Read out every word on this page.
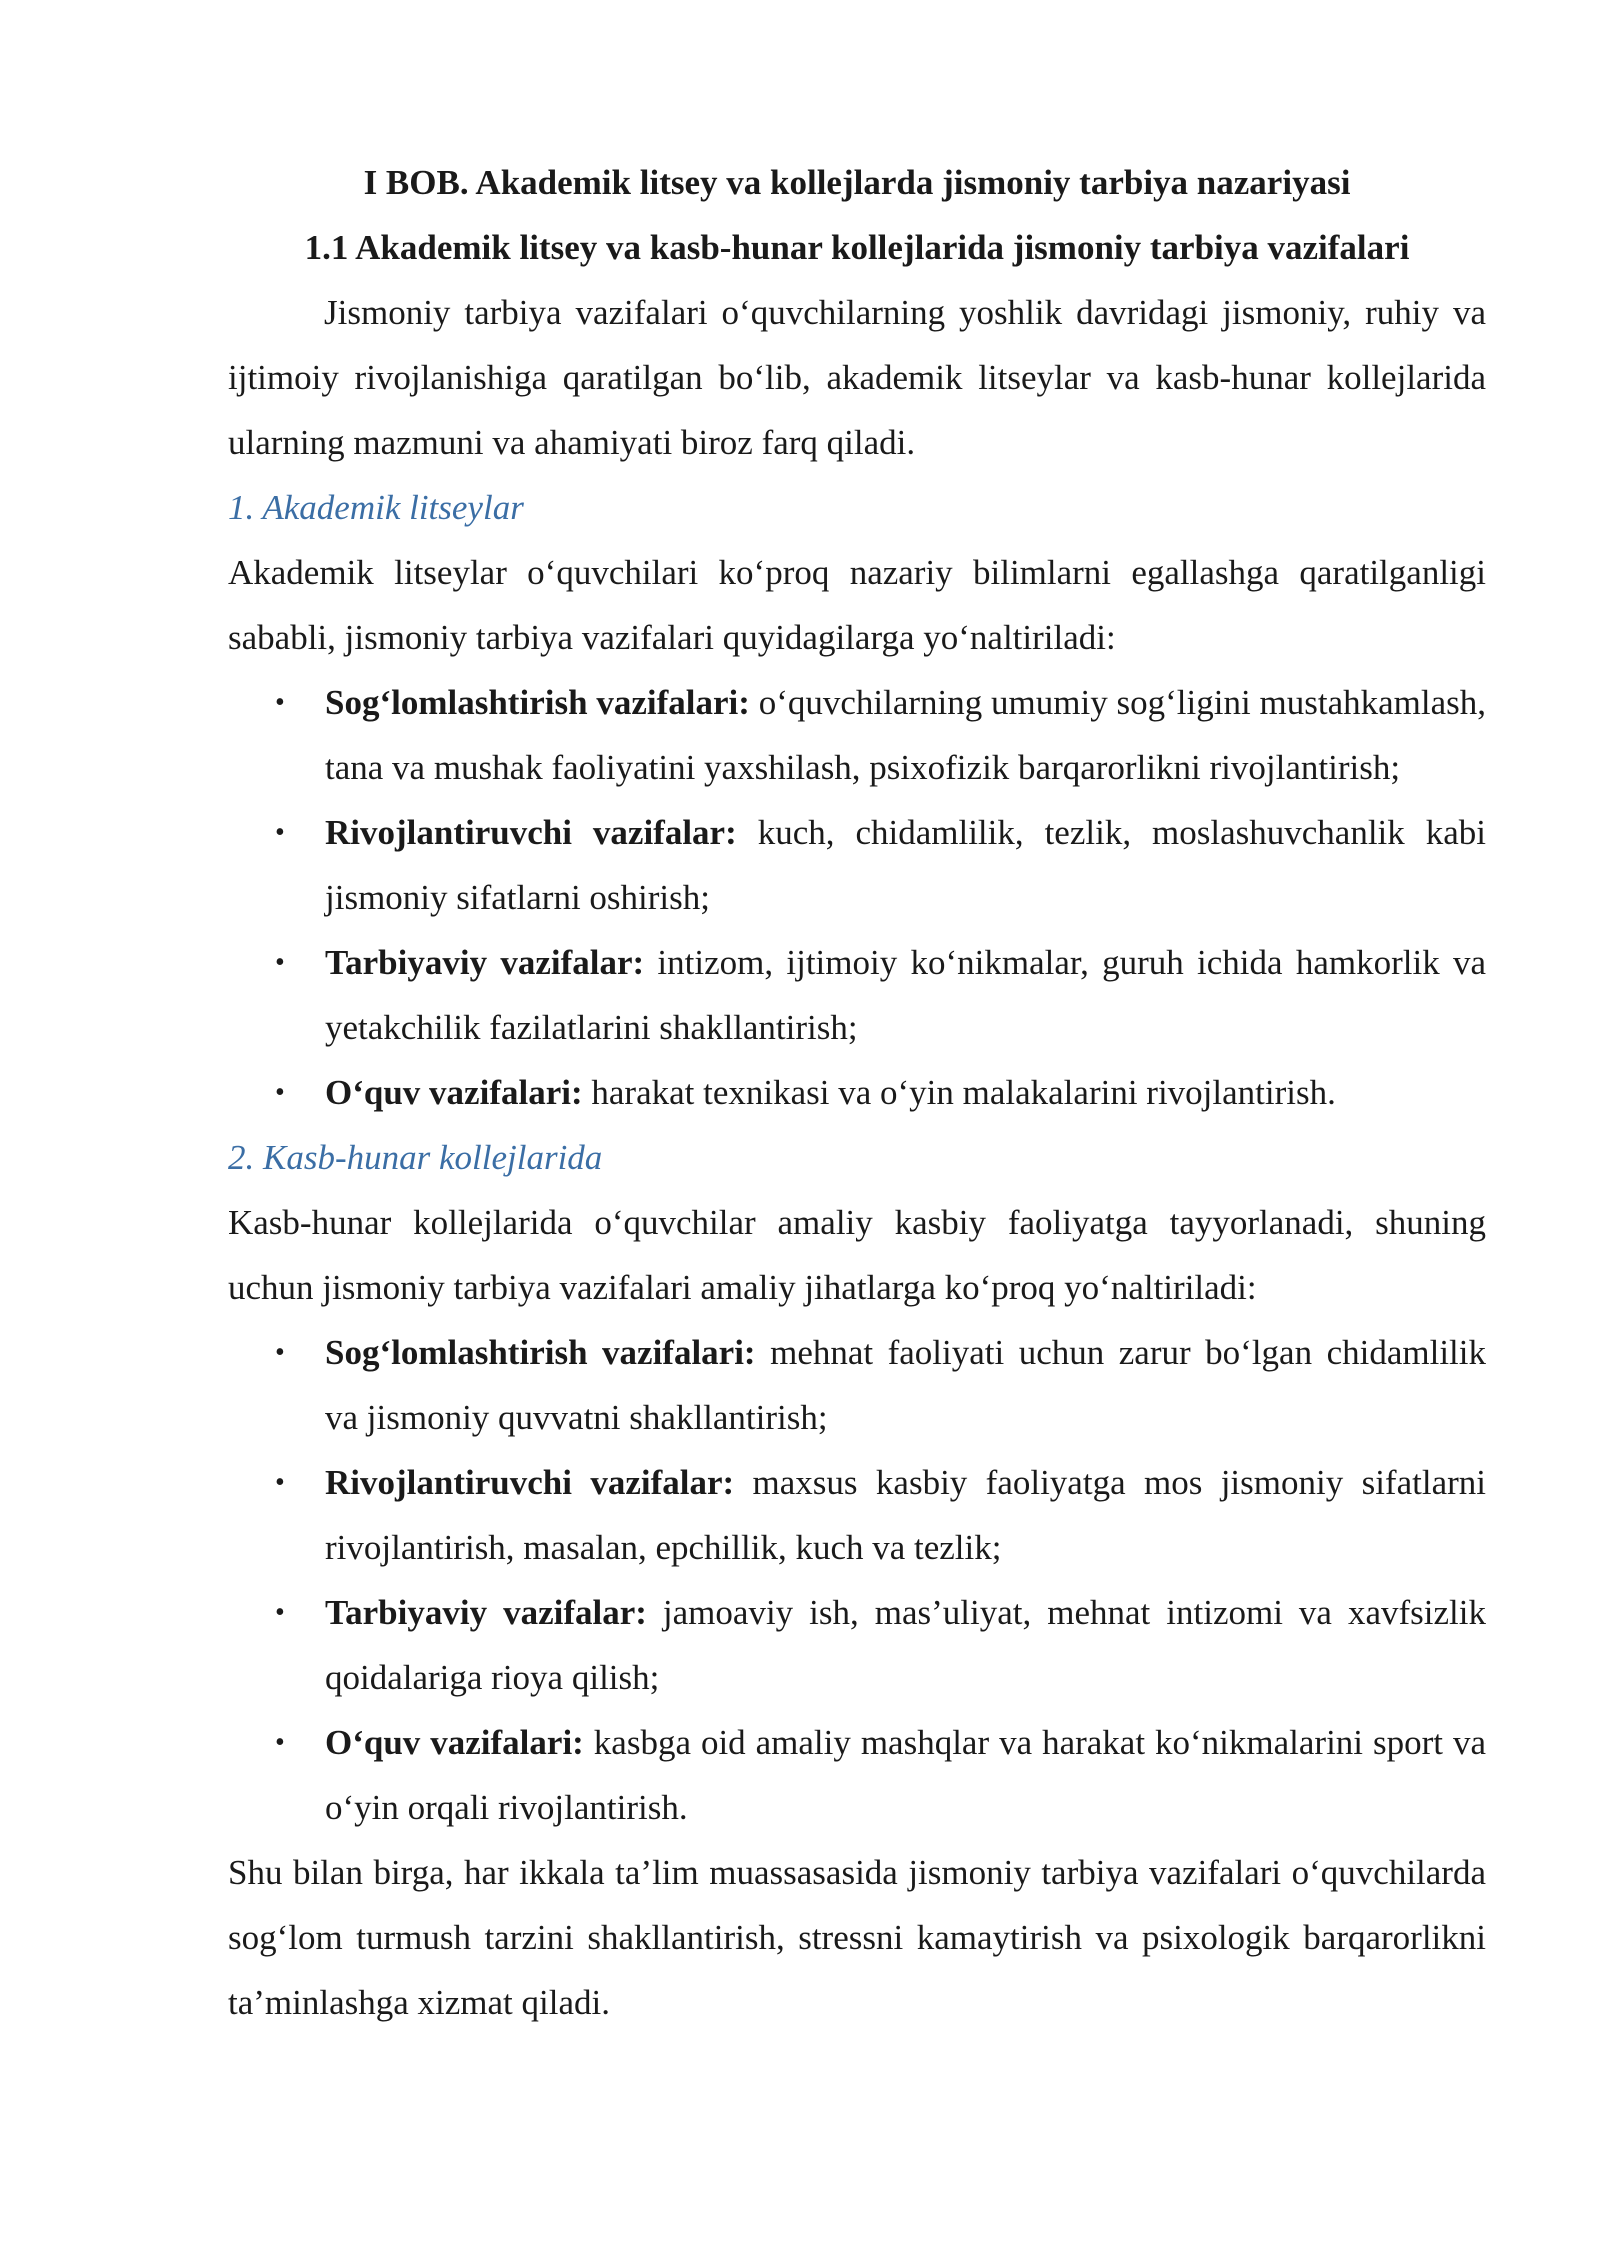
I BOB. Akademik litsey va kollejlarda jismoniy tarbiya nazariyasi

1.1 Akademik litsey va kasb-hunar kollejlarida jismoniy tarbiya vazifalari

Jismoniy tarbiya vazifalari o‘quvchilarning yoshlik davridagi jismoniy, ruhiy va ijtimoiy rivojlanishiga qaratilgan bo‘lib, akademik litseylar va kasb-hunar kollejlarida ularning mazmuni va ahamiyati biroz farq qiladi.

1. Akademik litseylar

Akademik litseylar o‘quvchilari ko‘proq nazariy bilimlarni egallashga qaratilganligi sababli, jismoniy tarbiya vazifalari quyidagilarga yo‘naltiriladi:

• Sog‘lomlashtirish vazifalari: o‘quvchilarning umumiy sog‘ligini mustahkamlash, tana va mushak faoliyatini yaxshilash, psixofizik barqarorlikni rivojlantirish;
• Rivojlantiruvchi vazifalar: kuch, chidamlilik, tezlik, moslashuvchanlik kabi jismoniy sifatlarni oshirish;
• Tarbiyaviy vazifalar: intizom, ijtimoiy ko‘nikmalar, guruh ichida hamkorlik va yetakchilik fazilatlarini shakllantirish;
• O‘quv vazifalari: harakat texnikasi va o‘yin malakalarini rivojlantirish.

2. Kasb-hunar kollejlarida

Kasb-hunar kollejlarida o‘quvchilar amaliy kasbiy faoliyatga tayyorlanadi, shuning uchun jismoniy tarbiya vazifalari amaliy jihatlarga ko‘proq yo‘naltiriladi:

• Sog‘lomlashtirish vazifalari: mehnat faoliyati uchun zarur bo‘lgan chidamlilik va jismoniy quvvatni shakllantirish;
• Rivojlantiruvchi vazifalar: maxsus kasbiy faoliyatga mos jismoniy sifatlarni rivojlantirish, masalan, epchillik, kuch va tezlik;
• Tarbiyaviy vazifalar: jamoaviy ish, mas’uliyat, mehnat intizomi va xavfsizlik qoidalariga rioya qilish;
• O‘quv vazifalari: kasbga oid amaliy mashqlar va harakat ko‘nikmalarini sport va o‘yin orqali rivojlantirish.

Shu bilan birga, har ikkala ta’lim muassasasida jismoniy tarbiya vazifalari o‘quvchilarda sog‘lom turmush tarzini shakllantirish, stressni kamaytirish va psixologik barqarorlikni ta’minlashga xizmat qiladi.
